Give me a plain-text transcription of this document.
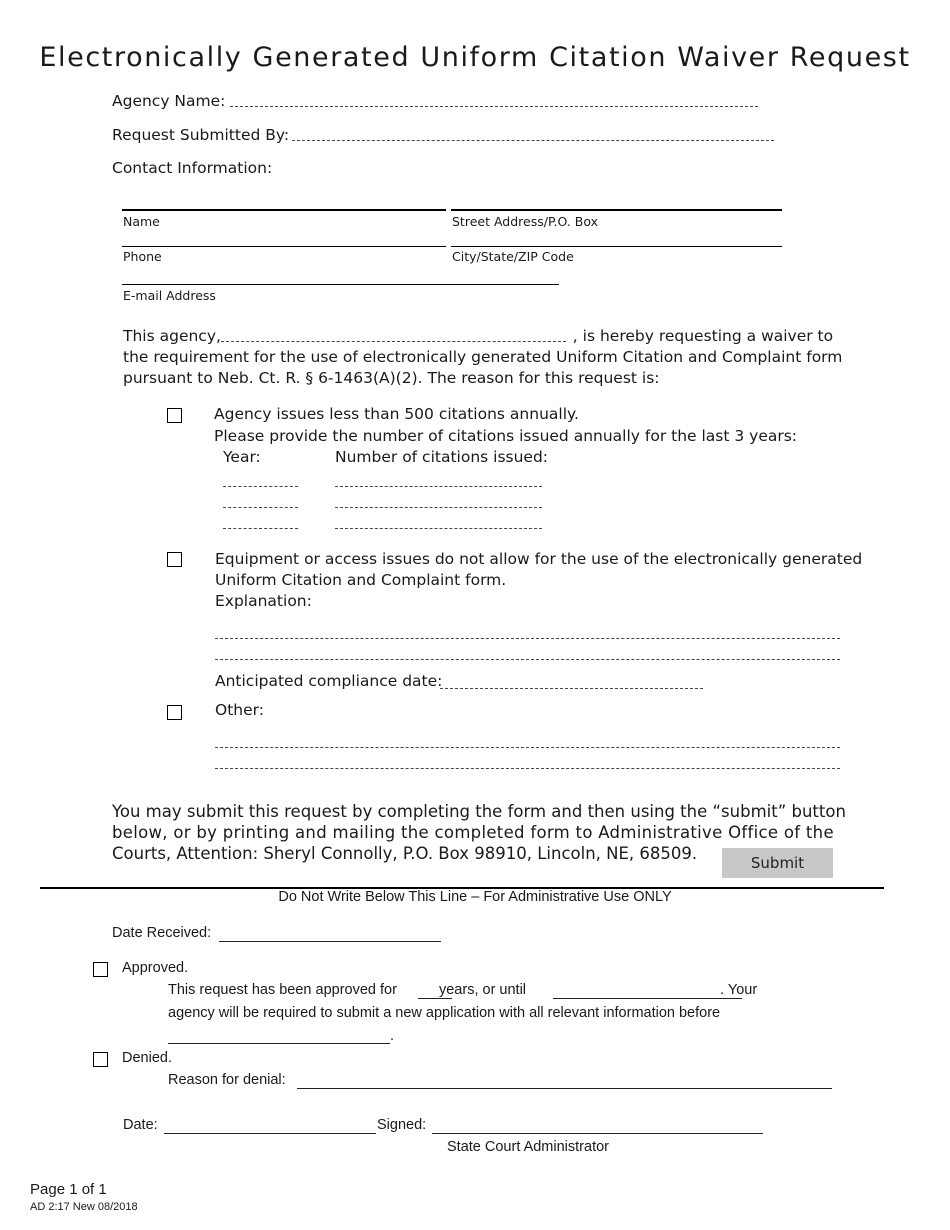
Electronically Generated Uniform Citation Waiver Request
Agency Name:
Request Submitted By:
Contact Information:
Name	Street Address/P.O. Box
Phone	City/State/ZIP Code
E-mail Address
This agency,	, is hereby requesting a waiver to
the requirement for the use of electronically generated Uniform Citation and Complaint form
pursuant to Neb. Ct. R. § 6-1463(A)(2). The reason for this request is:
Agency issues less than 500 citations annually.
Please provide the number of citations issued annually for the last 3 years:
Year:	Number of citations issued:
Equipment or access issues do not allow for the use of the electronically generated
Uniform Citation and Complaint form.
Explanation:
Anticipated compliance date:
Other:
You may submit this request by completing the form and then using the “submit” button
below, or by printing and mailing the completed form to Administrative Office of the
Courts, Attention: Sheryl Connolly, P.O. Box 98910, Lincoln, NE, 68509.	Submit
Do Not Write Below This Line – For Administrative Use ONLY
Date Received:
Approved.
This request has been approved for	years, or until	. Your
agency will be required to submit a new application with all relevant information before
.
Denied.
Reason for denial:
Date:	Signed:
State Court Administrator
Page 1 of 1
AD 2:17 New 08/2018
